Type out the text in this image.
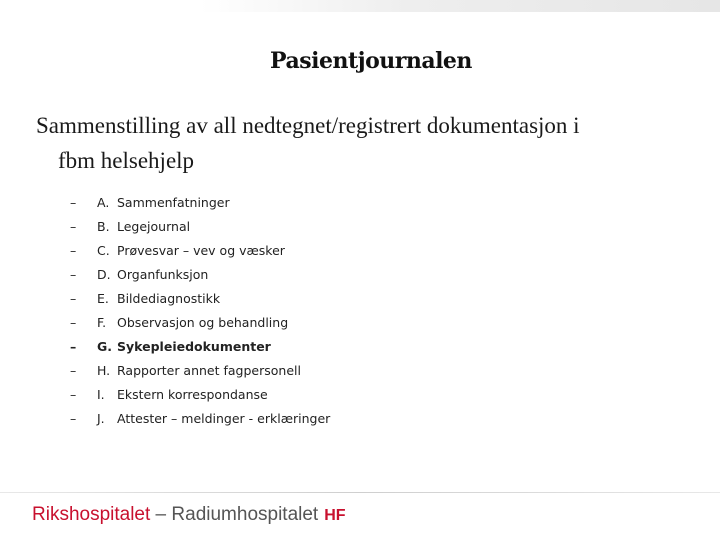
Pasientjournalen
Sammenstilling av all nedtegnet/registrert dokumentasjon i
fbm helsehjelp
– A. Sammenfatninger
– B. Legejournal
– C. Prøvesvar – vev og væsker
– D. Organfunksjon
– E. Bildediagnostikk
– F. Observasjon og behandling
– G. Sykepleiedokumenter
– H. Rapporter annet fagpersonell
– I. Ekstern korrespondanse
– J. Attester – meldinger - erklæringer
Rikshospitalet – Radiumhospitalet HF
